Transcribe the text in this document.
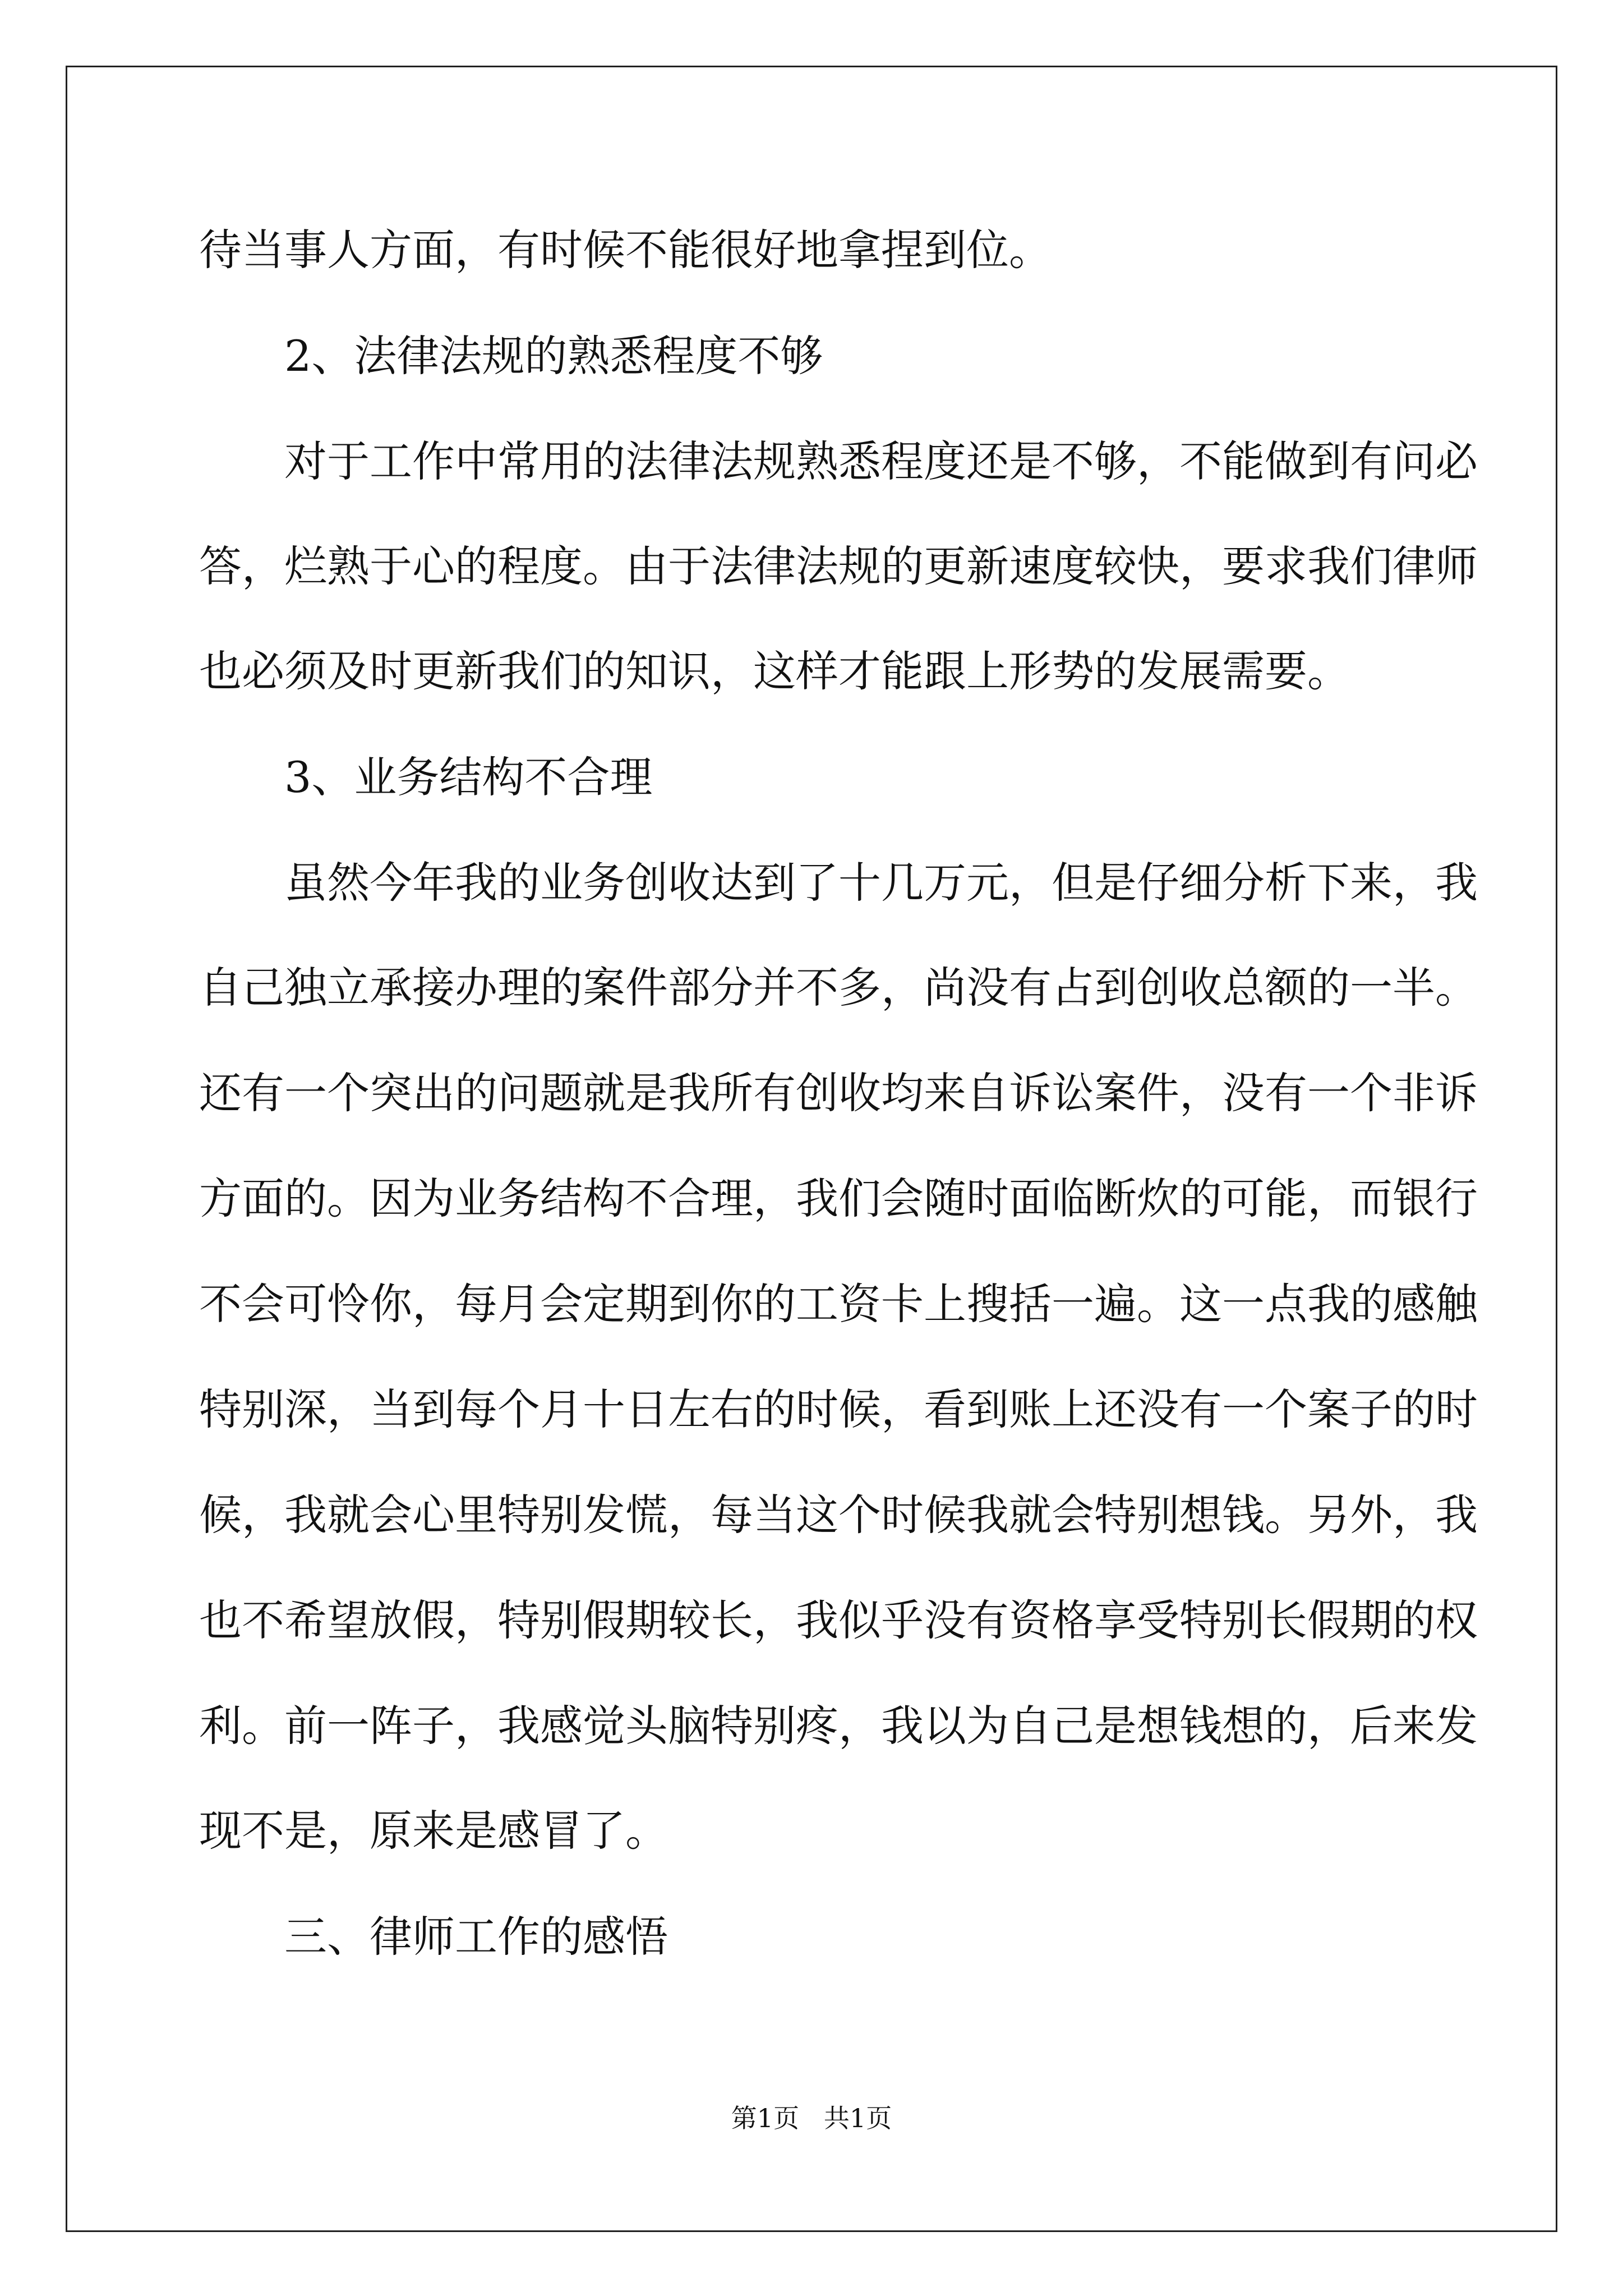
待当事人方面，有时候不能很好地拿捏到位。
2、法律法规的熟悉程度不够
对于工作中常用的法律法规熟悉程度还是不够，不能做到有问必
答，烂熟于心的程度。由于法律法规的更新速度较快，要求我们律师
也必须及时更新我们的知识，这样才能跟上形势的发展需要。
3、业务结构不合理
虽然今年我的业务创收达到了十几万元，但是仔细分析下来，我
自己独立承接办理的案件部分并不多，尚没有占到创收总额的一半。
还有一个突出的问题就是我所有创收均来自诉讼案件，没有一个非诉
方面的。因为业务结构不合理，我们会随时面临断炊的可能，而银行
不会可怜你，每月会定期到你的工资卡上搜括一遍。这一点我的感触
特别深，当到每个月十日左右的时候，看到账上还没有一个案子的时
候，我就会心里特别发慌，每当这个时候我就会特别想钱。另外，我
也不希望放假，特别假期较长，我似乎没有资格享受特别长假期的权
利。前一阵子，我感觉头脑特别疼，我以为自己是想钱想的，后来发
现不是，原来是感冒了。
三、律师工作的感悟
第1页   共1页
